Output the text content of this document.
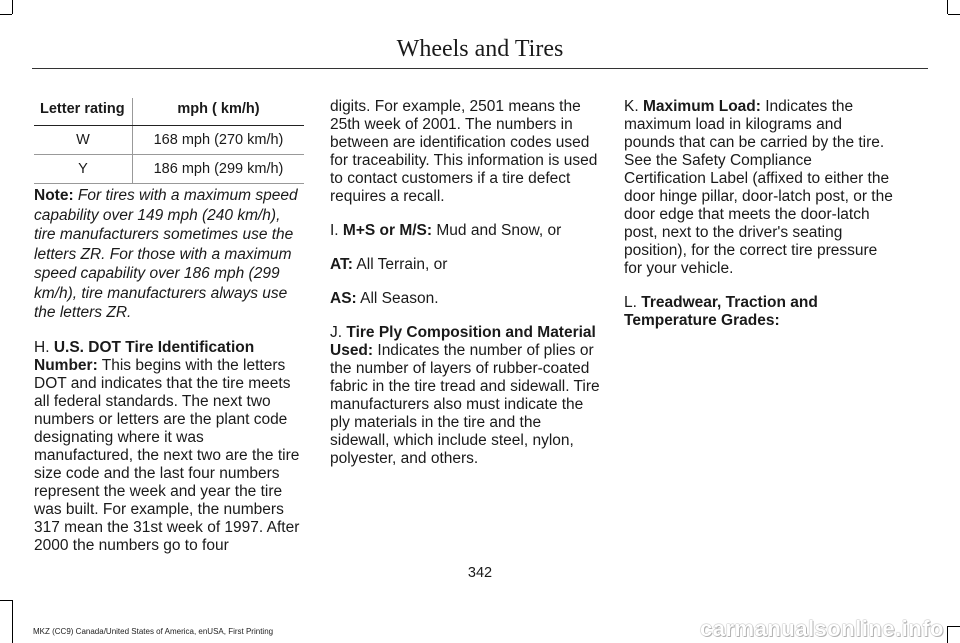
Wheels and Tires
Letter rating	mph ( km/h)
W	168 mph (270 km/h)
Y	186 mph (299 km/h)

Note: For tires with a maximum speed capability over 149 mph (240 km/h), tire manufacturers sometimes use the letters ZR. For those with a maximum speed capability over 186 mph (299 km/h), tire manufacturers always use the letters ZR.

H. U.S. DOT Tire Identification Number: This begins with the letters DOT and indicates that the tire meets all federal standards. The next two numbers or letters are the plant code designating where it was manufactured, the next two are the tire size code and the last four numbers represent the week and year the tire was built. For example, the numbers 317 mean the 31st week of 1997. After 2000 the numbers go to four

digits. For example, 2501 means the 25th week of 2001. The numbers in between are identification codes used for traceability. This information is used to contact customers if a tire defect requires a recall.

I. M+S or M/S: Mud and Snow, or

AT: All Terrain, or

AS: All Season.

J. Tire Ply Composition and Material Used: Indicates the number of plies or the number of layers of rubber-coated fabric in the tire tread and sidewall. Tire manufacturers also must indicate the ply materials in the tire and the sidewall, which include steel, nylon, polyester, and others.

K. Maximum Load: Indicates the maximum load in kilograms and pounds that can be carried by the tire. See the Safety Compliance Certification Label (affixed to either the door hinge pillar, door-latch post, or the door edge that meets the door-latch post, next to the driver's seating position), for the correct tire pressure for your vehicle.

L. Treadwear, Traction and Temperature Grades:

342
MKZ (CC9) Canada/United States of America, enUSA, First Printing	carmanualsonline.info
